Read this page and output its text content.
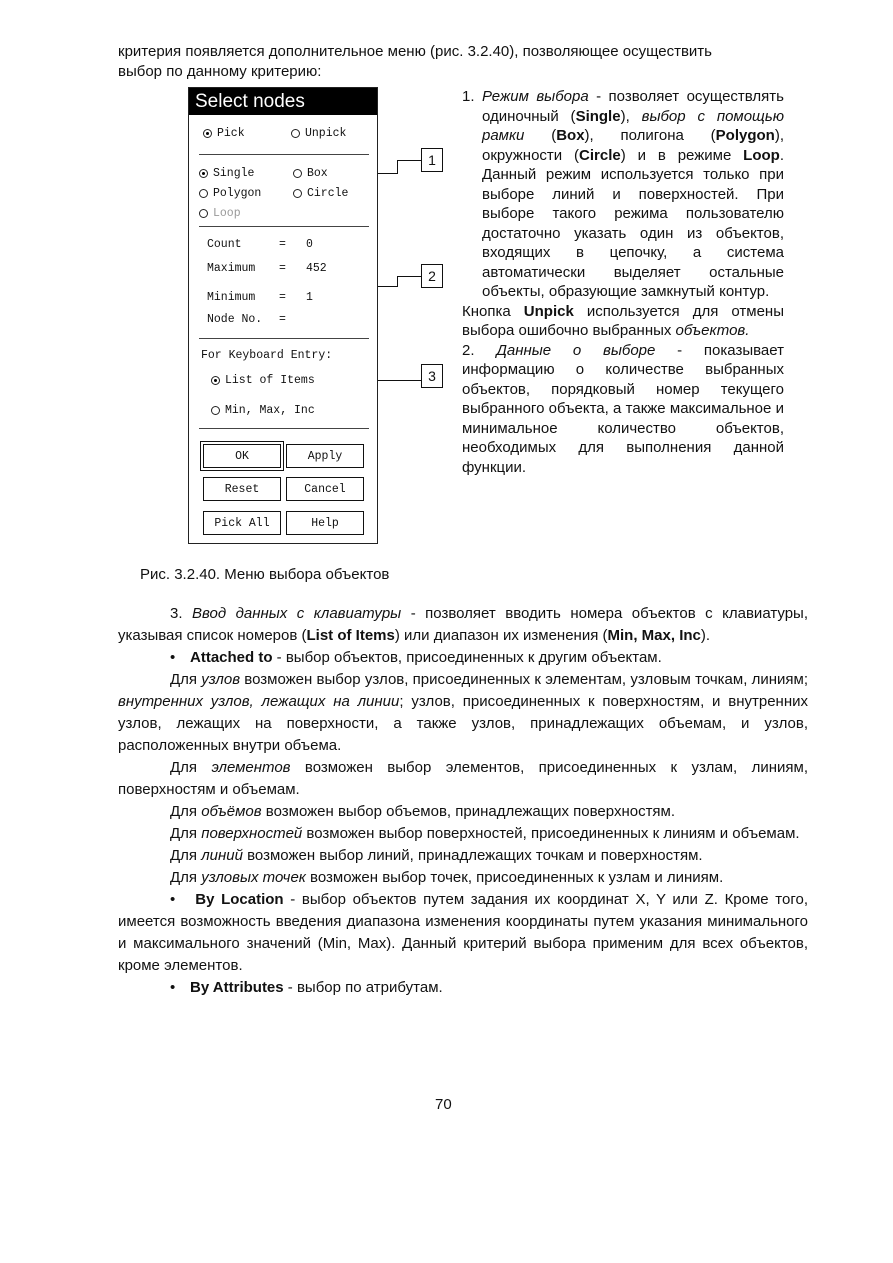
критерия появляется дополнительное меню (рис. 3.2.40), позволяющее осуществить
выбор по данному критерию:
Select nodes
Pick	Unpick
Single	Box
Polygon	Circle
Loop
Count	= 0
Maximum = 452
Minimum = 1
Node No. =
For Keyboard Entry:
List of Items
Min, Max, Inc
OK	Apply
Reset	Cancel
Pick All	Help
1
2
3

1. Режим выбора - позволяет осуществлять одиночный (Single), выбор с помощью рамки (Box), полигона (Polygon), окружности (Circle) и в режиме Loop. Данный режим используется только при выборе линий и поверхностей. При выборе такого режима пользователю достаточно указать один из объектов, входящих в цепочку, а система автоматически выделяет остальные объекты, образующие замкнутый контур.

Кнопка Unpick используется для отмены выбора ошибочно выбранных объектов.

2. Данные о выборе - показывает информацию о количестве выбранных объектов, порядковый номер текущего выбранного объекта, а также максимальное и минимальное количество объектов, необходимых для выполнения данной функции.

Рис. 3.2.40. Меню выбора объектов

3. Ввод данных с клавиатуры - позволяет вводить номера объектов с клавиатуры, указывая список номеров (List of Items) или диапазон их изменения (Min, Max, Inc).

• Attached to - выбор объектов, присоединенных к другим объектам.

Для узлов возможен выбор узлов, присоединенных к элементам, узловым точкам, линиям; внутренних узлов, лежащих на линии; узлов, присоединенных к поверхностям, и внутренних узлов, лежащих на поверхности, а также узлов, принадлежащих объемам, и узлов, расположенных внутри объема.

Для элементов возможен выбор элементов, присоединенных к узлам, линиям, поверхностям и объемам.

Для объёмов возможен выбор объемов, принадлежащих поверхностям.

Для поверхностей возможен выбор поверхностей, присоединенных к линиям и объемам.

Для линий возможен выбор линий, принадлежащих точкам и поверхностям.

Для узловых точек возможен выбор точек, присоединенных к узлам и линиям.

• By Location - выбор объектов путем задания их координат X, Y или Z. Кроме того, имеется возможность введения диапазона изменения координаты путем указания минимального и максимального значений (Min, Max). Данный критерий выбора применим для всех объектов, кроме элементов.

• By Attributes - выбор по атрибутам.

70
